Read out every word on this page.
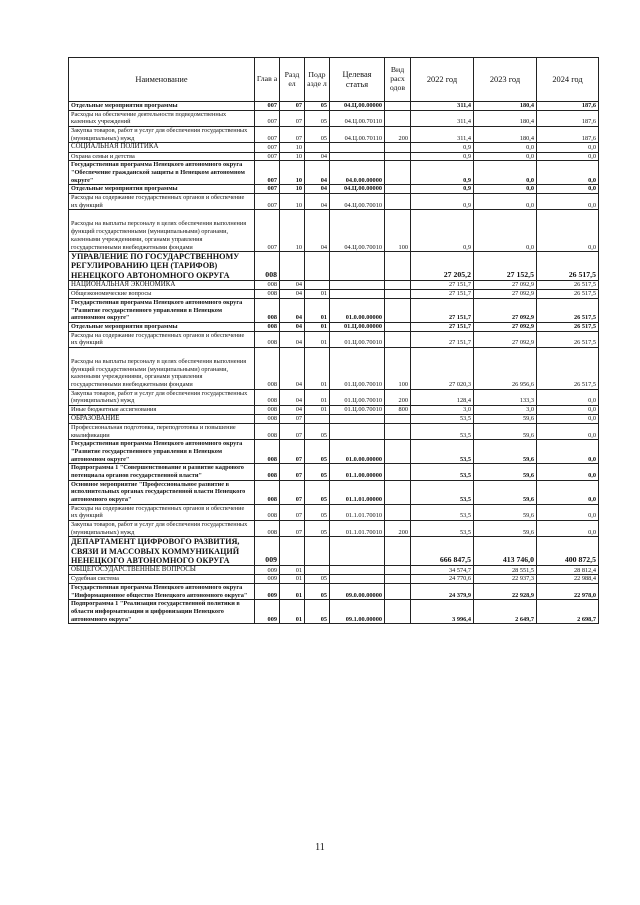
Наименование	Глав а	Разд ел	Подр азде л	Целевая статья	Вид расх одов	2022 год	2023 год	2024 год
Отдельные мероприятия программы	007	07	05	04.Ц.00.00000		311,4	180,4	187,6
Расходы на обеспечение деятельности подведомственных казенных учреждений	007	07	05	04.Ц.00.70110		311,4	180,4	187,6
Закупка товаров, работ и услуг для обеспечения государственных (муниципальных) нужд	007	07	05	04.Ц.00.70110	200	311,4	180,4	187,6
СОЦИАЛЬНАЯ ПОЛИТИКА	007	10				0,9	0,0	0,0
Охрана семьи и детства	007	10	04			0,9	0,0	0,0
Государственная программа Ненецкого автономного округа "Обеспечение гражданской защиты в Ненецком автономном округе"	007	10	04	04.0.00.00000		0,9	0,0	0,0
Отдельные мероприятия программы	007	10	04	04.Ц.00.00000		0,9	0,0	0,0
Расходы на содержание государственных органов и обеспечение их функций	007	10	04	04.Ц.00.70010		0,9	0,0	0,0
Расходы на выплаты персоналу в целях обеспечения выполнения функций государственными (муниципальными) органами, казенными учреждениями, органами управления государственными внебюджетными фондами	007	10	04	04.Ц.00.70010	100	0,9	0,0	0,0
УПРАВЛЕНИЕ ПО ГОСУДАРСТВЕННОМУ РЕГУЛИРОВАНИЮ ЦЕН (ТАРИФОВ) НЕНЕЦКОГО АВТОНОМНОГО ОКРУГА	008					27 205,2	27 152,5	26 517,5
НАЦИОНАЛЬНАЯ ЭКОНОМИКА	008	04				27 151,7	27 092,9	26 517,5
Общеэкономические вопросы	008	04	01			27 151,7	27 092,9	26 517,5
Государственная программа Ненецкого автономного округа "Развитие государственного управления в Ненецком автономном округе"	008	04	01	01.0.00.00000		27 151,7	27 092,9	26 517,5
Отдельные мероприятия программы	008	04	01	01.Ц.00.00000		27 151,7	27 092,9	26 517,5
Расходы на содержание государственных органов и обеспечение их функций	008	04	01	01.Ц.00.70010		27 151,7	27 092,9	26 517,5
Расходы на выплаты персоналу в целях обеспечения выполнения функций государственными (муниципальными) органами, казенными учреждениями, органами управления государственными внебюджетными фондами	008	04	01	01.Ц.00.70010	100	27 020,3	26 956,6	26 517,5
Закупка товаров, работ и услуг для обеспечения государственных (муниципальных) нужд	008	04	01	01.Ц.00.70010	200	128,4	133,3	0,0
Иные бюджетные ассигнования	008	04	01	01.Ц.00.70010	800	3,0	3,0	0,0
ОБРАЗОВАНИЕ	008	07				53,5	59,6	0,0
Профессиональная подготовка, переподготовка и повышение квалификации	008	07	05			53,5	59,6	0,0
Государственная программа Ненецкого автономного округа "Развитие государственного управления в Ненецком автономном округе"	008	07	05	01.0.00.00000		53,5	59,6	0,0
Подпрограмма 1 "Совершенствование и развитие кадрового потенциала органов государственной власти"	008	07	05	01.1.00.00000		53,5	59,6	0,0
Основное мероприятие "Профессиональное развитие в исполнительных органах государственной власти Ненецкого автономного округа"	008	07	05	01.1.01.00000		53,5	59,6	0,0
Расходы на содержание государственных органов и обеспечение их функций	008	07	05	01.1.01.70010		53,5	59,6	0,0
Закупка товаров, работ и услуг для обеспечения государственных (муниципальных) нужд	008	07	05	01.1.01.70010	200	53,5	59,6	0,0
ДЕПАРТАМЕНТ ЦИФРОВОГО РАЗВИТИЯ, СВЯЗИ И МАССОВЫХ КОММУНИКАЦИЙ НЕНЕЦКОГО АВТОНОМНОГО ОКРУГА	009					666 847,5	413 746,0	400 872,5
ОБЩЕГОСУДАРСТВЕННЫЕ ВОПРОСЫ	009	01				34 574,7	28 551,5	28 812,4
Судебная система	009	01	05			24 770,6	22 937,3	22 988,4
Государственная программа Ненецкого автономного округа "Информационное общество Ненецкого автономного округа"	009	01	05	09.0.00.00000		24 379,9	22 928,9	22 978,0
Подпрограмма 1 "Реализация государственной политики в области информатизации и цифровизации Ненецкого автономного округа"	009	01	05	09.1.00.00000		3 996,4	2 649,7	2 698,7
11
